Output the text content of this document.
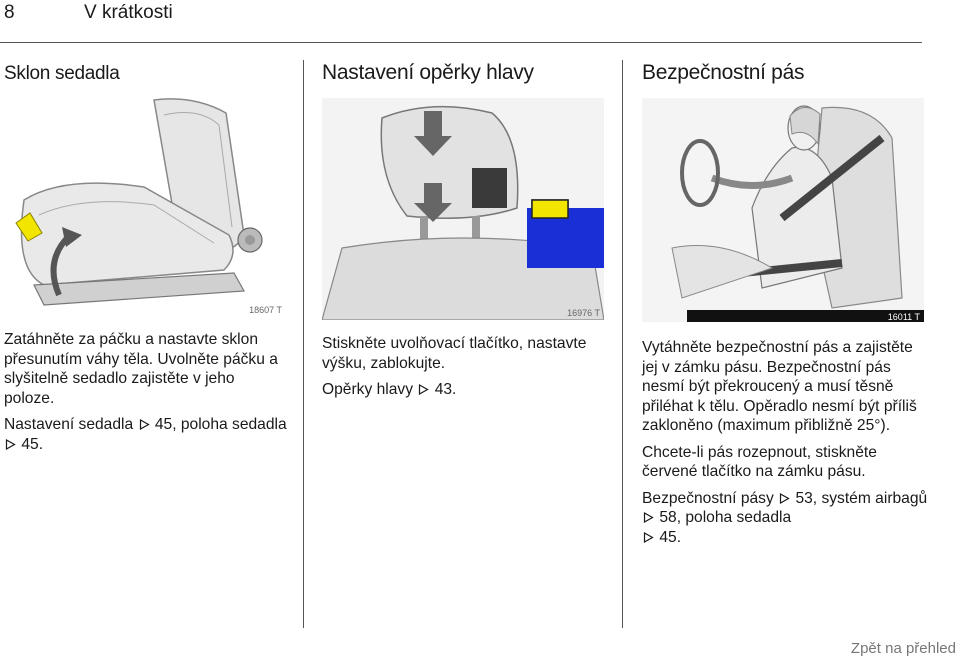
8	V krátkosti
Sklon sedadla	Nastavení opěrky hlavy	Bezpečnostní pás
18607 T	16976 T	16011 T

Zatáhněte za páčku a nastavte sklon přesunutím váhy těla. Uvolněte páčku a slyšitelně sedadlo zajistěte v jeho poloze.

Nastavení sedadla 45, poloha sedadla  45.

Stiskněte uvolňovací tlačítko, nastavte výšku, zablokujte.

Opěrky hlavy 43.

Vytáhněte bezpečnostní pás a zajistěte jej v zámku pásu. Bezpečnostní pás nesmí být překroucený a musí těsně přiléhat k tělu. Opěradlo nesmí být příliš zakloněno (maximum přibližně 25°).

Chcete-li pás rozepnout, stiskněte červené tlačítko na zámku pásu.

Bezpečnostní pásy 53, systém airbagů  58, poloha sedadla
45.

Zpět na přehled
